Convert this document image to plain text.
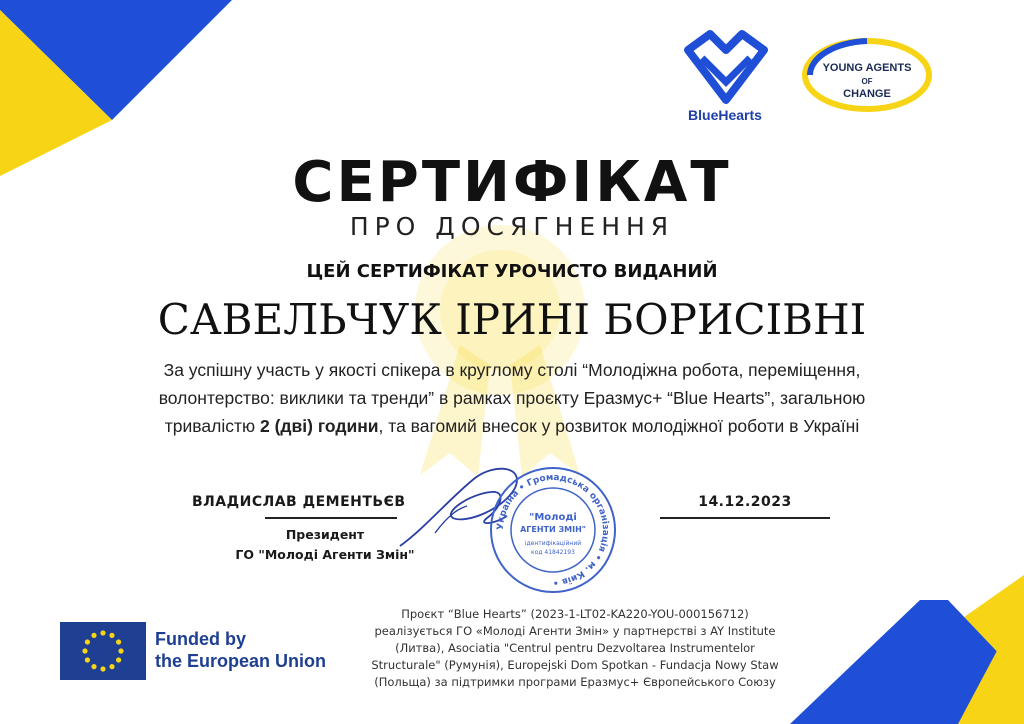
BlueHearts
YOUNG AGENTS
OF
CHANGE
СЕРТИФІКАТ
ПРО ДОСЯГНЕННЯ
ЦЕЙ СЕРТИФІКАТ УРОЧИСТО ВИДАНИЙ
САВЕЛЬЧУК ІРИНІ БОРИСІВНІ
За успішну участь у якості спікера в круглому столі “Молодіжна робота, переміщення, волонтерство: виклики та тренди” в рамках проєкту Еразмус+ “Blue Hearts”, загальною тривалістю 2 (дві) години, та вагомий внесок у розвиток молодіжної роботи в Україні
ВЛАДИСЛАВ ДЕМЕНТЬЄВ
Президент
ГО "Молоді Агенти Змін"
Україна • Громадська організація • м. Київ •
"Молоді
АГЕНТИ ЗМІН"
ідентифікаційний
код 41842193
14.12.2023
Funded by
the European Union
Проєкт “Blue Hearts” (2023-1-LT02-KA220-YOU-000156712)
реалізується ГО «Молоді Агенти Змін» у партнерстві з AY Institute
(Литва), Asociatia "Centrul pentru Dezvoltarea Instrumentelor
Structurale" (Румунія), Europejski Dom Spotkan - Fundacja Nowy Staw
(Польща) за підтримки програми Еразмус+ Європейського Союзу
